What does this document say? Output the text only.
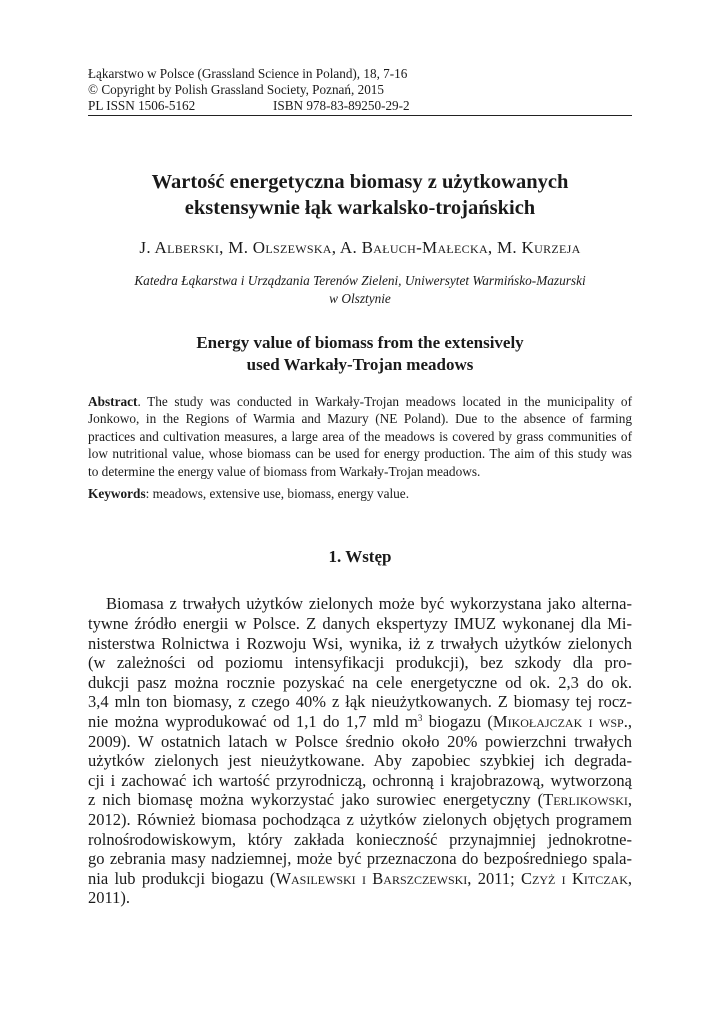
Łąkarstwo w Polsce (Grassland Science in Poland), 18, 7-16
© Copyright by Polish Grassland Society, Poznań, 2015
PL ISSN 1506-5162	ISBN 978-83-89250-29-2
Wartość energetyczna biomasy z użytkowanych
ekstensywnie łąk warkalsko-trojańskich
J. Alberski, M. Olszewska, A. Bałuch-Małecka, M. Kurzeja
Katedra Łąkarstwa i Urządzania Terenów Zieleni, Uniwersytet Warmińsko-Mazurski
w Olsztynie
Energy value of biomass from the extensively
used Warkały-Trojan meadows
Abstract. The study was conducted in Warkały-Trojan meadows located in the municipality of
Jonkowo, in the Regions of Warmia and Mazury (NE Poland). Due to the absence of farming
practices and cultivation measures, a large area of the meadows is covered by grass communities of
low nutritional value, whose biomass can be used for energy production. The aim of this study was
to determine the energy value of biomass from Warkały-Trojan meadows.
Keywords: meadows, extensive use, biomass, energy value.
1. Wstęp
Biomasa z trwałych użytków zielonych może być wykorzystana jako alterna-
tywne źródło energii w Polsce. Z danych ekspertyzy IMUZ wykonanej dla Mi-
nisterstwa Rolnictwa i Rozwoju Wsi, wynika, iż z trwałych użytków zielonych
(w zależności od poziomu intensyfikacji produkcji), bez szkody dla pro-
dukcji pasz można rocznie pozyskać na cele energetyczne od ok. 2,3 do ok.
3,4 mln ton biomasy, z czego 40% z łąk nieużytkowanych. Z biomasy tej rocz-
nie można wyprodukować od 1,1 do 1,7 mld $m^3$ biogazu (Mikołajczak i wsp.,
2009). W ostatnich latach w Polsce średnio około 20% powierzchni trwałych
użytków zielonych jest nieużytkowane. Aby zapobiec szybkiej ich degrada-
cji i zachować ich wartość przyrodniczą, ochronną i krajobrazową, wytworzoną
z nich biomasę można wykorzystać jako surowiec energetyczny (Terlikowski,
2012). Również biomasa pochodząca z użytków zielonych objętych programem
rolnośrodowiskowym, który zakłada konieczność przynajmniej jednokrotne-
go zebrania masy nadziemnej, może być przeznaczona do bezpośredniego spala-
nia lub produkcji biogazu (Wasilewski i Barszczewski, 2011; Czyż i Kitczak,
2011).
